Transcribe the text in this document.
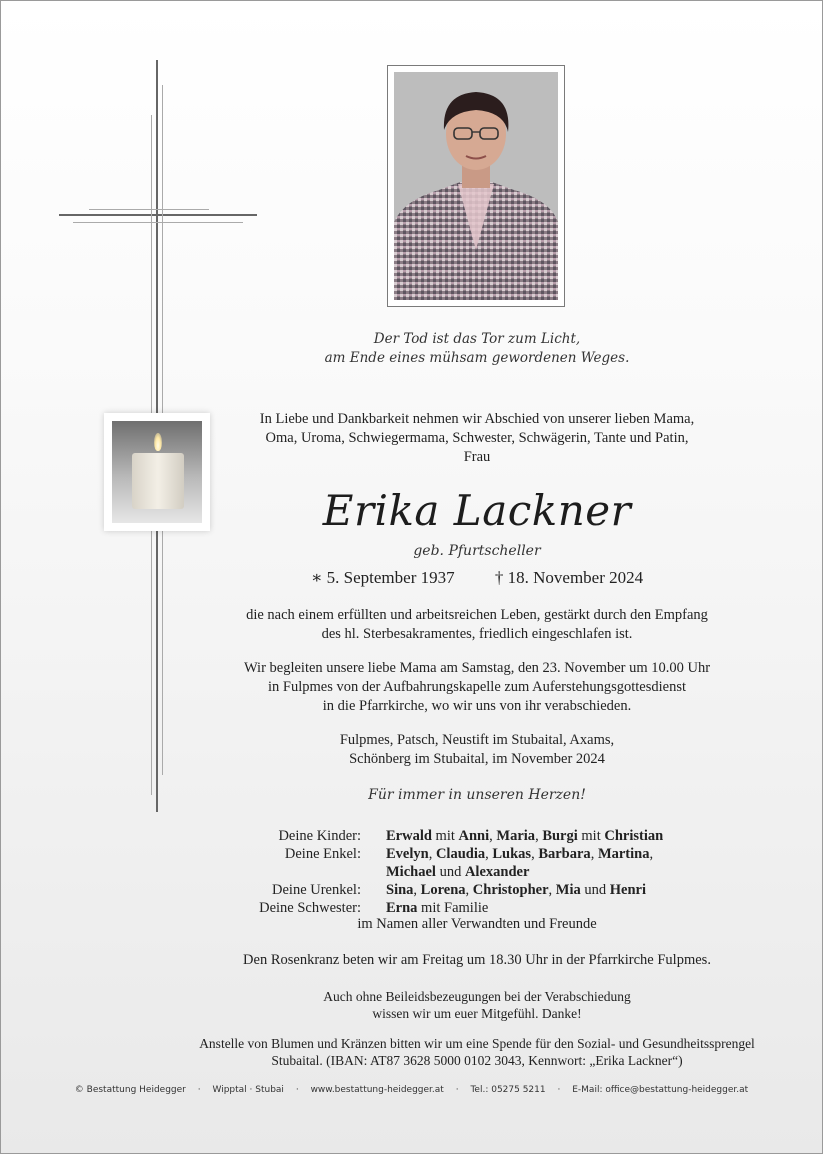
Der Tod ist das Tor zum Licht,
am Ende eines mühsam gewordenen Weges.
In Liebe und Dankbarkeit nehmen wir Abschied von unserer lieben Mama,
Oma, Uroma, Schwiegermama, Schwester, Schwägerin, Tante und Patin,
Frau
Erika Lackner
geb. Pfurtscheller
∗ 5. September 1937 † 18. November 2024
die nach einem erfüllten und arbeitsreichen Leben, gestärkt durch den Empfang
des hl. Sterbesakramentes, friedlich eingeschlafen ist.
Wir begleiten unsere liebe Mama am Samstag, den 23. November um 10.00 Uhr
in Fulpmes von der Aufbahrungskapelle zum Auferstehungsgottesdienst
in die Pfarrkirche, wo wir uns von ihr verabschieden.
Fulpmes, Patsch, Neustift im Stubaital, Axams,
Schönberg im Stubaital, im November 2024
Für immer in unseren Herzen!
Deine Kinder: Erwald mit Anni, Maria, Burgi mit Christian
Deine Enkel: Evelyn, Claudia, Lukas, Barbara, Martina,
Michael und Alexander
Deine Urenkel: Sina, Lorena, Christopher, Mia und Henri
Deine Schwester: Erna mit Familie
im Namen aller Verwandten und Freunde
Den Rosenkranz beten wir am Freitag um 18.30 Uhr in der Pfarrkirche Fulpmes.
Auch ohne Beileidsbezeugungen bei der Verabschiedung
wissen wir um euer Mitgefühl. Danke!
Anstelle von Blumen und Kränzen bitten wir um eine Spende für den Sozial- und Gesundheitssprengel
Stubaital. (IBAN: AT87 3628 5000 0102 3043, Kennwort: „Erika Lackner“)
© Bestattung Heidegger · Wipptal · Stubai · www.bestattung-heidegger.at · Tel.: 05275 5211 · E-Mail: office@bestattung-heidegger.at
